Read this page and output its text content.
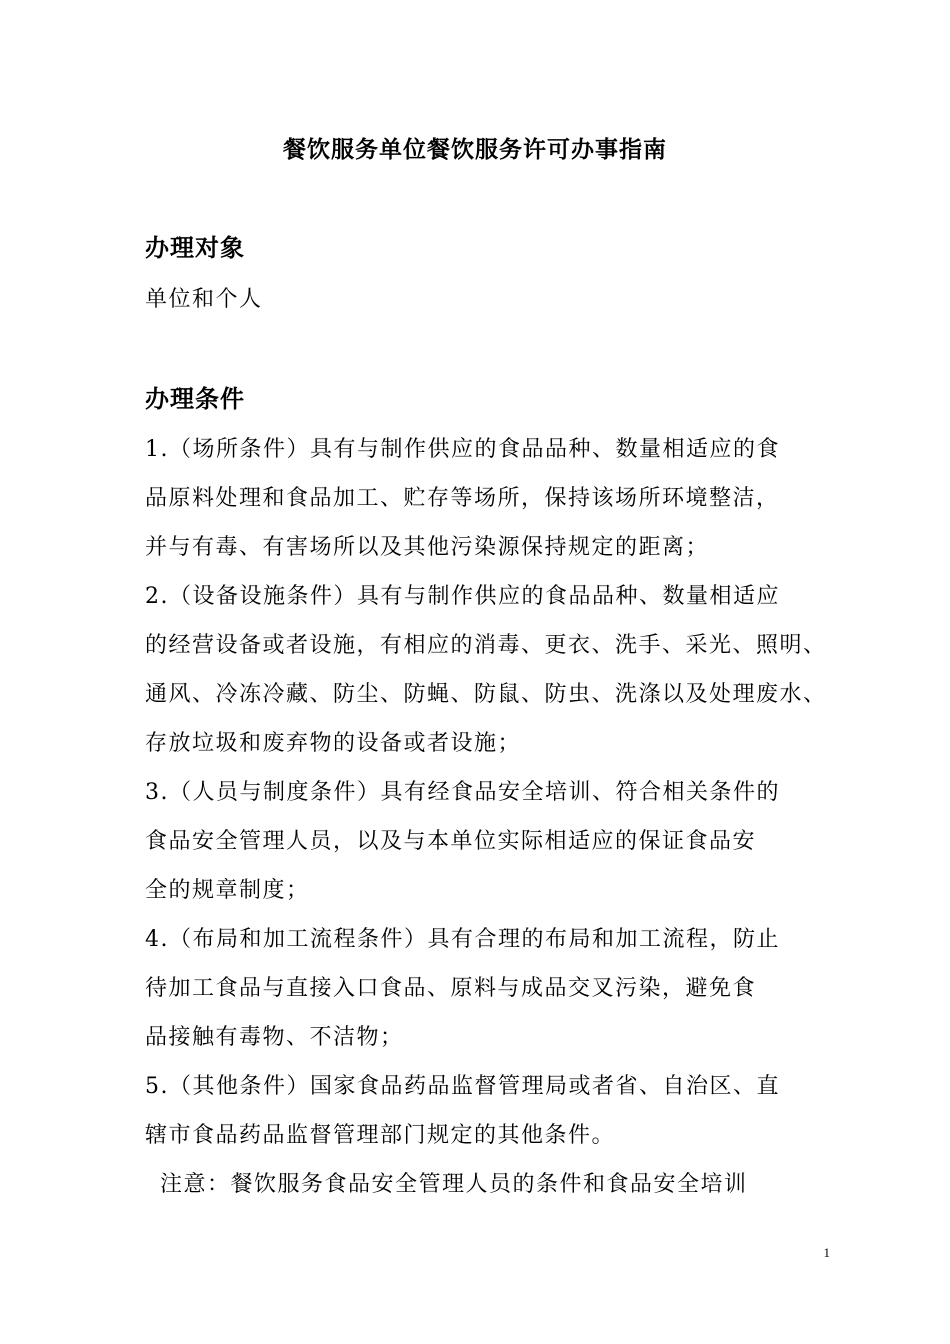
餐饮服务单位餐饮服务许可办事指南
办理对象
单位和个人
办理条件
1.（场所条件）具有与制作供应的食品品种、数量相适应的食
品原料处理和食品加工、贮存等场所，保持该场所环境整洁，
并与有毒、有害场所以及其他污染源保持规定的距离；
2.（设备设施条件）具有与制作供应的食品品种、数量相适应
的经营设备或者设施，有相应的消毒、更衣、洗手、采光、照明、
通风、冷冻冷藏、防尘、防蝇、防鼠、防虫、洗涤以及处理废水、
存放垃圾和废弃物的设备或者设施；
3.（人员与制度条件）具有经食品安全培训、符合相关条件的
食品安全管理人员，以及与本单位实际相适应的保证食品安
全的规章制度；
4.（布局和加工流程条件）具有合理的布局和加工流程，防止
待加工食品与直接入口食品、原料与成品交叉污染，避免食
品接触有毒物、不洁物；
5.（其他条件）国家食品药品监督管理局或者省、自治区、直
辖市食品药品监督管理部门规定的其他条件。
注意：餐饮服务食品安全管理人员的条件和食品安全培训
1
